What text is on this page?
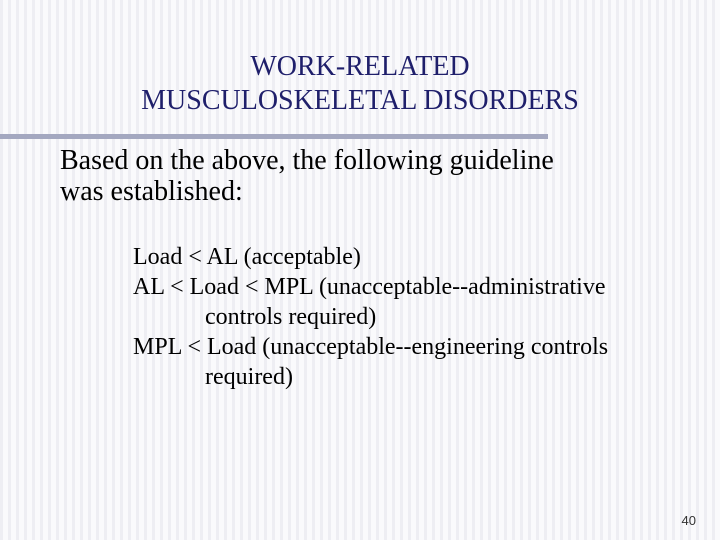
WORK-RELATED
MUSCULOSKELETAL DISORDERS
Based on the above, the following guideline
was established:
Load < AL (acceptable)
AL < Load < MPL (unacceptable--administrative
controls required)
MPL < Load (unacceptable--engineering controls
required)
40
